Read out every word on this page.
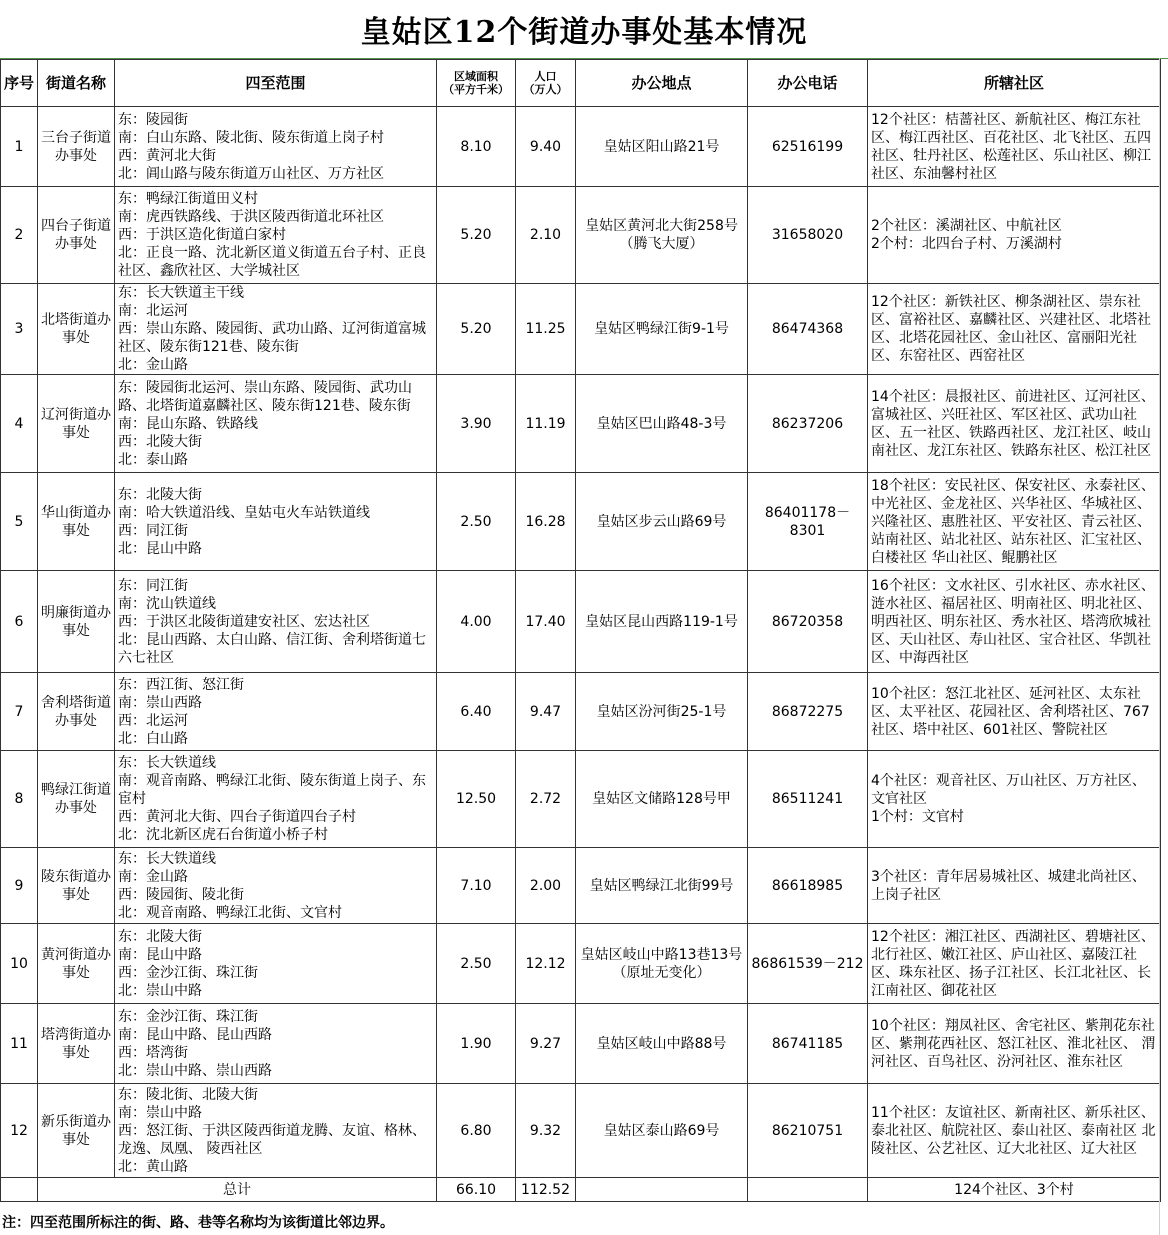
皇姑区12个街道办事处基本情况
序号	街道名称	四至范围	区域面积
（平方千米）	人口
（万人）	办公地点	办公电话	所辖社区
1	三台子街道办事处	东：陵园街
南：白山东路、陵北街、陵东街道上岗子村
西：黄河北大街
北：阊山路与陵东街道万山社区、万方社区	8.10	9.40	皇姑区阳山路21号	62516199	12个社区：桔蔷社区、新航社区、梅江东社区、梅江西社区、百花社区、北飞社区、五四社区、牡丹社区、松莲社区、乐山社区、柳江社区、东油馨村社区
2	四台子街道办事处	东：鸭绿江街道田义村
南：虎西铁路线、于洪区陵西街道北环社区
西：于洪区造化街道白家村
北：正良一路、沈北新区道义街道五台子村、正良社区、鑫欣社区、大学城社区	5.20	2.10	皇姑区黄河北大街258号
（腾飞大厦）	31658020	2个社区：溪湖社区、中航社区
2个村：北四台子村、万溪湖村
3	北塔街道办事处	东：长大铁道主干线
南：北运河
西：崇山东路、陵园街、武功山路、辽河街道富城社区、陵东街121巷、陵东街
北：金山路	5.20	11.25	皇姑区鸭绿江街9-1号	86474368	12个社区：新铁社区、柳条湖社区、崇东社区、富裕社区、嘉麟社区、兴建社区、北塔社区、北塔花园社区、金山社区、富丽阳光社区、东窑社区、西窑社区
4	辽河街道办事处	东：陵园街北运河、崇山东路、陵园街、武功山路、北塔街道嘉麟社区、陵东街121巷、陵东街
南：昆山东路、铁路线
西：北陵大街
北：泰山路	3.90	11.19	皇姑区巴山路48-3号	86237206	14个社区：晨报社区、前进社区、辽河社区、富城社区、兴旺社区、军区社区、武功山社区、五一社区、铁路西社区、龙江社区、岐山南社区、龙江东社区、铁路东社区、松江社区
5	华山街道办事处	东：北陵大街
南：哈大铁道沿线、皇姑屯火车站铁道线
西：同江街
北：昆山中路	2.50	16.28	皇姑区步云山路69号	86401178－8301	18个社区：安民社区、保安社区、永泰社区、中光社区、金龙社区、兴华社区、华城社区、兴隆社区、惠胜社区、平安社区、青云社区、站南社区、站北社区、站东社区、汇宝社区、白楼社区 华山社区、鲲鹏社区
6	明廉街道办事处	东：同江街
南：沈山铁道线
西：于洪区北陵街道建安社区、宏达社区
北：昆山西路、太白山路、信江街、舍利塔街道七六七社区	4.00	17.40	皇姑区昆山西路119-1号	86720358	16个社区：文水社区、引水社区、赤水社区、涟水社区、福居社区、明南社区、明北社区、明西社区、明东社区、秀水社区、塔湾欣城社区、天山社区、寿山社区、宝合社区、华凯社区、中海西社区
7	舍利塔街道办事处	东：西江街、怒江街
南：崇山西路
西：北运河
北：白山路	6.40	9.47	皇姑区汾河街25-1号	86872275	10个社区：怒江北社区、延河社区、太东社区、太平社区、花园社区、舍利塔社区、767社区、塔中社区、601社区、警院社区
8	鸭绿江街道办事处	东：长大铁道线
南：观音南路、鸭绿江北街、陵东街道上岗子、东宦村
西：黄河北大街、四台子街道四台子村
北：沈北新区虎石台街道小桥子村	12.50	2.72	皇姑区文储路128号甲	86511241	4个社区：观音社区、万山社区、万方社区、文官社区
1个村：文官村
9	陵东街道办事处	东：长大铁道线
南：金山路
西：陵园街、陵北街
北：观音南路、鸭绿江北街、文官村	7.10	2.00	皇姑区鸭绿江北街99号	86618985	3个社区：青年居易城社区、城建北尚社区、上岗子社区
10	黄河街道办事处	东：北陵大街
南：昆山中路
西：金沙江街、珠江街
北：崇山中路	2.50	12.12	皇姑区岐山中路13巷13号
（原址无变化）	86861539－212	12个社区：湘江社区、西湖社区、碧塘社区、北行社区、嫩江社区、庐山社区、嘉陵江社区、珠东社区、扬子江社区、长江北社区、长江南社区、御花社区
11	塔湾街道办事处	东：金沙江街、珠江街
南：昆山中路、昆山西路
西：塔湾街
北：崇山中路、崇山西路	1.90	9.27	皇姑区岐山中路88号	86741185	10个社区：翔凤社区、舍宅社区、紫荆花东社区、紫荆花西社区、怒江社区、淮北社区、 渭河社区、百鸟社区、汾河社区、淮东社区
12	新乐街道办事处	东：陵北街、北陵大街
南：崇山中路
西：怒江街、于洪区陵西街道龙腾、友谊、格林、龙逸、凤凰、 陵西社区
北：黄山路	6.80	9.32	皇姑区泰山路69号	86210751	11个社区：友谊社区、新南社区、新乐社区、泰北社区、航院社区、泰山社区、泰南社区 北陵社区、公艺社区、辽大北社区、辽大社区
	总计		66.10	112.52			124个社区、3个村
注：四至范围所标注的街、路、巷等名称均为该街道比邻边界。
